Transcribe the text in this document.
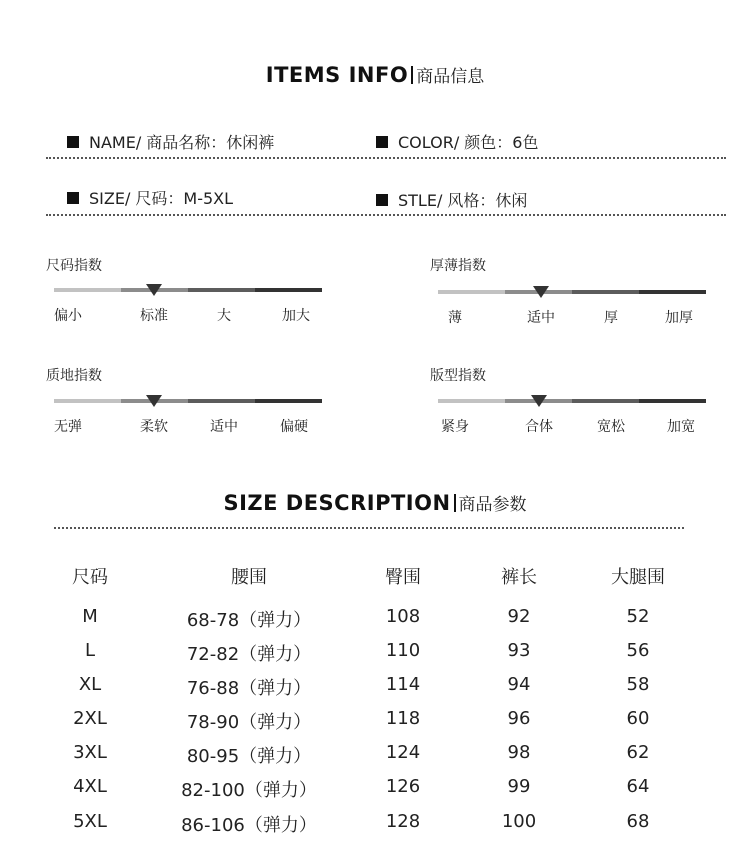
ITEMS INFO 商品信息
NAME/ 商品名称：休闲裤	COLOR/ 颜色：6色
SIZE/ 尺码：M-5XL	STLE/ 风格：休闲
尺码指数
偏小	标准	大	加大
厚薄指数
薄	适中	厚	加厚
质地指数
无弹	柔软	适中	偏硬
版型指数
紧身	合体	宽松	加宽
SIZE DESCRIPTION 商品参数
尺码	腰围	臀围	裤长	大腿围
M	68-78（弹力）	108	92	52
L	72-82（弹力）	110	93	56
XL	76-88（弹力）	114	94	58
2XL	78-90（弹力）	118	96	60
3XL	80-95（弹力）	124	98	62
4XL	82-100（弹力）	126	99	64
5XL	86-106（弹力）	128	100	68
